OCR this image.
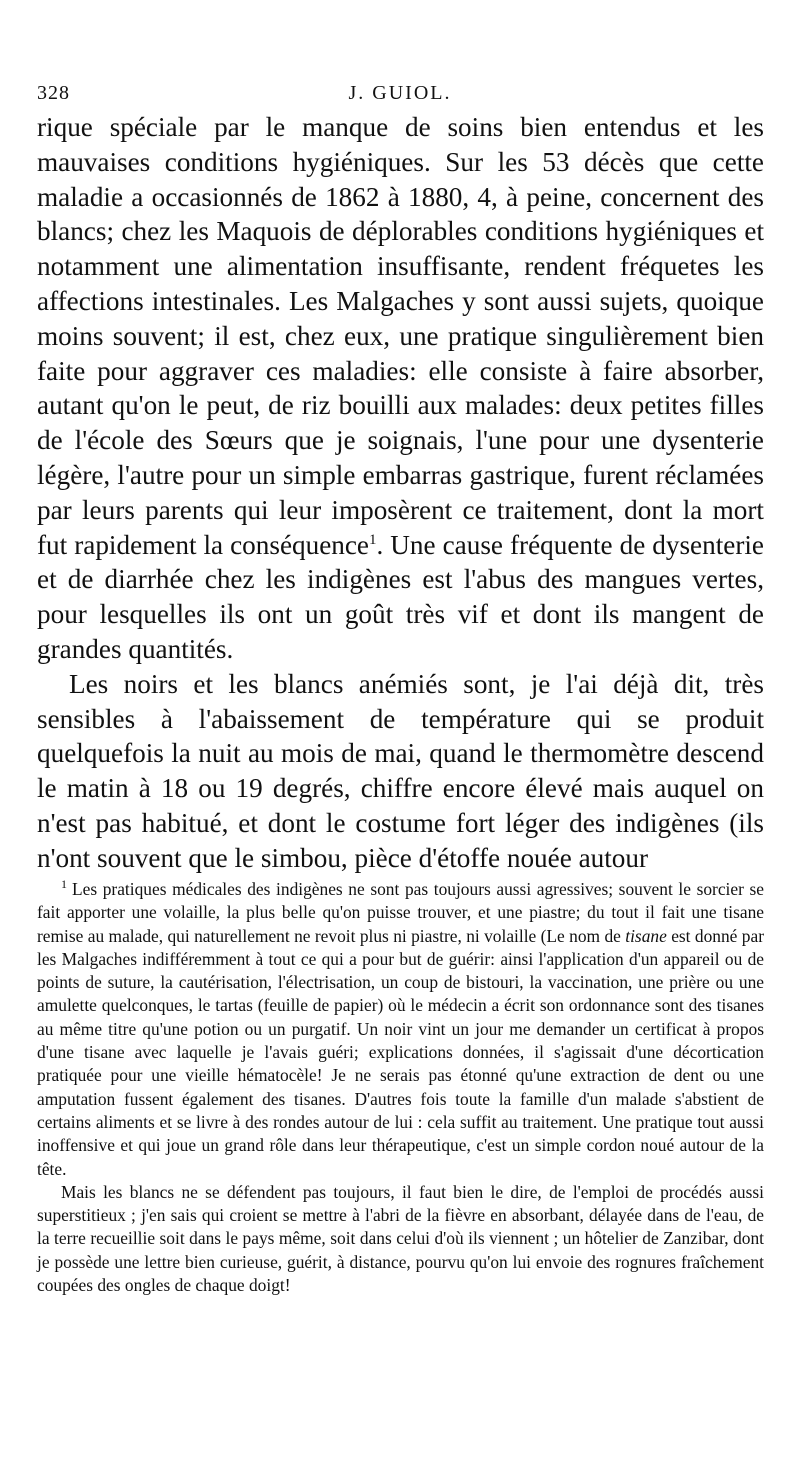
328	J. GUIOL.

rique spéciale par le manque de soins bien entendus et les mauvaises conditions hygiéniques. Sur les 53 décès que cette maladie a occasionnés de 1862 à 1880, 4, à peine, concernent des blancs; chez les Maquois de déplorables conditions hygiéniques et notamment une alimentation insuffisante, rendent fréquetes les affections intestinales. Les Malgaches y sont aussi sujets, quoique moins souvent; il est, chez eux, une pratique singulièrement bien faite pour aggraver ces maladies: elle consiste à faire absorber, autant qu'on le peut, de riz bouilli aux malades: deux petites filles de l'école des Sœurs que je soignais, l'une pour une dysenterie légère, l'autre pour un simple embarras gastrique, furent réclamées par leurs parents qui leur imposèrent ce traitement, dont la mort fut rapidement la conséquence$^1$. Une cause fréquente de dysenterie et de diarrhée chez les indigènes est l'abus des mangues vertes, pour lesquelles ils ont un goût très vif et dont ils mangent de grandes quantités.

Les noirs et les blancs anémiés sont, je l'ai déjà dit, très sensibles à l'abaissement de température qui se produit quelquefois la nuit au mois de mai, quand le thermomètre descend le matin à 18 ou 19 degrés, chiffre encore élevé mais auquel on n'est pas habitué, et dont le costume fort léger des indigènes (ils n'ont souvent que le simbou, pièce d'étoffe nouée autour

$^1$ Les pratiques médicales des indigènes ne sont pas toujours aussi agressives; souvent le sorcier se fait apporter une volaille, la plus belle qu'on puisse trouver, et une piastre; du tout il fait une tisane remise au malade, qui naturellement ne revoit plus ni piastre, ni volaille (Le nom de tisane est donné par les Malgaches indifféremment à tout ce qui a pour but de guérir: ainsi l'application d'un appareil ou de points de suture, la cautérisation, l'électrisation, un coup de bistouri, la vaccination, une prière ou une amulette quelconques, le tartas (feuille de papier) où le médecin a écrit son ordonnance sont des tisanes au même titre qu'une potion ou un purgatif. Un noir vint un jour me demander un certificat à propos d'une tisane avec laquelle je l'avais guéri; explications données, il s'agissait d'une décortication pratiquée pour une vieille hématocèle! Je ne serais pas étonné qu'une extraction de dent ou une amputation fussent également des tisanes. D'autres fois toute la famille d'un malade s'abstient de certains aliments et se livre à des rondes autour de lui : cela suffit au traitement. Une pratique tout aussi inoffensive et qui joue un grand rôle dans leur thérapeutique, c'est un simple cordon noué autour de la tête.

Mais les blancs ne se défendent pas toujours, il faut bien le dire, de l'emploi de procédés aussi superstitieux ; j'en sais qui croient se mettre à l'abri de la fièvre en absorbant, délayée dans de l'eau, de la terre recueillie soit dans le pays même, soit dans celui d'où ils viennent ; un hôtelier de Zanzibar, dont je possède une lettre bien curieuse, guérit, à distance, pourvu qu'on lui envoie des rognures fraîchement coupées des ongles de chaque doigt!
